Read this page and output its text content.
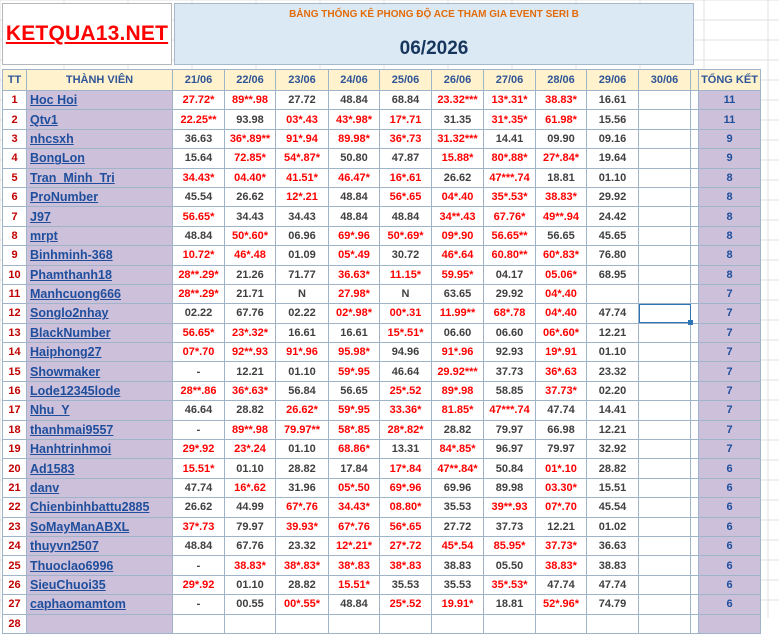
KETQUA13.NET
BẢNG THỐNG KÊ PHONG ĐỘ ACE THAM GIA EVENT SERI B
06/2026
TT	THÀNH VIÊN	21/06	22/06	23/06	24/06	25/06	26/06	27/06	28/06	29/06	30/06		TỔNG KẾT
1	Hoc Hoi	27.72*	89**.98	27.72	48.84	68.84	23.32***	13*.31*	38.83*	16.61			11
2	Qtv1	22.25**	93.98	03*.43	43*.98*	17*.71	31.35	31*.35*	61.98*	15.56			11
3	nhcsxh	36.63	36*.89**	91*.94	89.98*	36*.73	31.32***	14.41	09.90	09.16			9
4	BongLon	15.64	72.85*	54*.87*	50.80	47.87	15.88*	80*.88*	27*.84*	19.64			9
5	Tran_Minh_Tri	34.43*	04.40*	41.51*	46.47*	16*.61	26.62	47***.74	18.81	01.10			8
6	ProNumber	45.54	26.62	12*.21	48.84	56*.65	04*.40	35*.53*	38.83*	29.92			8
7	J97	56.65*	34.43	34.43	48.84	48.84	34**.43	67.76*	49**.94	24.42			8
8	mrpt	48.84	50*.60*	06.96	69*.96	50*.69*	09*.90	56.65**	56.65	45.65			8
9	Binhminh-368	10.72*	46*.48	01.09	05*.49	30.72	46*.64	60.80**	60*.83*	76.80			8
10	Phamthanh18	28**.29*	21.26	71.77	36.63*	11.15*	59.95*	04.17	05.06*	68.95			8
11	Manhcuong666	28**.29*	21.71	N	27.98*	N	63.65	29.92	04*.40				7
12	Songlo2nhay	02.22	67.76	02.22	02*.98*	00*.31	11.99**	68*.78	04*.40	47.74			7
13	BlackNumber	56.65*	23*.32*	16.61	16.61	15*.51*	06.60	06.60	06*.60*	12.21			7
14	Haiphong27	07*.70	92**.93	91*.96	95.98*	94.96	91*.96	92.93	19*.91	01.10			7
15	Showmaker	-	12.21	01.10	59*.95	46.64	29.92***	37.73	36*.63	23.32			7
16	Lode12345lode	28**.86	36*.63*	56.84	56.65	25*.52	89*.98	58.85	37.73*	02.20			7
17	Nhu_Y	46.64	28.82	26.62*	59*.95	33.36*	81.85*	47***.74	47.74	14.41			7
18	thanhmai9557	-	89**.98	79.97**	58*.85	28*.82*	28.82	79.97	66.98	12.21			7
19	Hanhtrinhmoi	29*.92	23*.24	01.10	68.86*	13.31	84*.85*	96.97	79.97	32.92			7
20	Ad1583	15.51*	01.10	28.82	17.84	17*.84	47**.84*	50.84	01*.10	28.82			6
21	danv	47.74	16*.62	31.96	05*.50	69*.96	69.96	89.98	03.30*	15.51			6
22	Chienbinhbattu2885	26.62	44.99	67*.76	34.43*	08.80*	35.53	39**.93	07*.70	45.54			6
23	SoMayManABXL	37*.73	79.97	39.93*	67*.76	56*.65	27.72	37.73	12.21	01.02			6
24	thuyvn2507	48.84	67.76	23.32	12*.21*	27*.72	45*.54	85.95*	37.73*	36.63			6
25	Thuoclao6996	-	38.83*	38*.83*	38*.83	38*.83	38.83	05.50	38.83*	38.83			6
26	SieuChuoi35	29*.92	01.10	28.82	15.51*	35.53	35.53	35*.53*	47.74	47.74			6
27	caphaomamtom	-	00.55	00*.55*	48.84	25*.52	19.91*	18.81	52*.96*	74.79			6
28													
